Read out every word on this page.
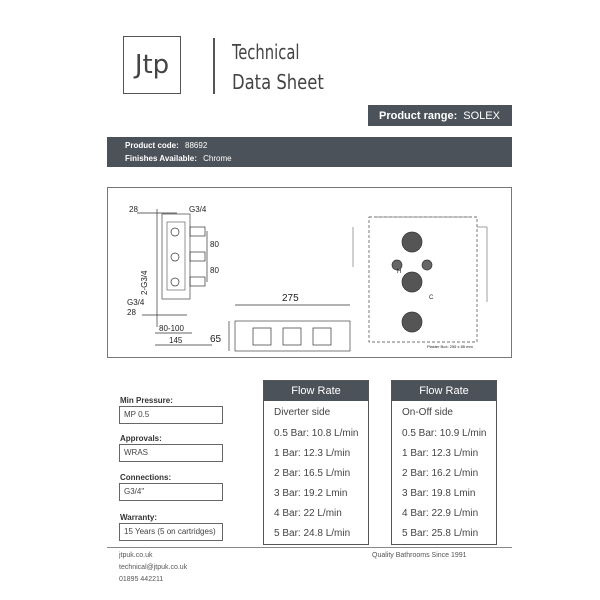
Jtp	Technical
Data Sheet
Product range: SOLEX
Product code: 88692
Finishes Available: Chrome
28	G3/4
80
80
2-G3/4
G3/4
28
80-100
145
275
65
H
C
Plaster Box: 255 x 85 mm
Min Pressure:
MP 0.5
Approvals:
WRAS
Connections:
G3/4"
Warranty:
15 Years (5 on cartridges)
Flow Rate
Diverter side
0.5 Bar: 10.8 L/min
1 Bar: 12.3 L/min
2 Bar: 16.5 L/min
3 Bar: 19.2 Lmin
4 Bar: 22 L/min
5 Bar: 24.8 L/min
Flow Rate
On-Off side
0.5 Bar: 10.9 L/min
1 Bar: 12.3 L/min
2 Bar: 16.2 L/min
3 Bar: 19.8 Lmin
4 Bar: 22.9 L/min
5 Bar: 25.8 L/min
jtpuk.co.uk
technical@jtpuk.co.uk
01895 442211
Quality Bathrooms Since 1991
